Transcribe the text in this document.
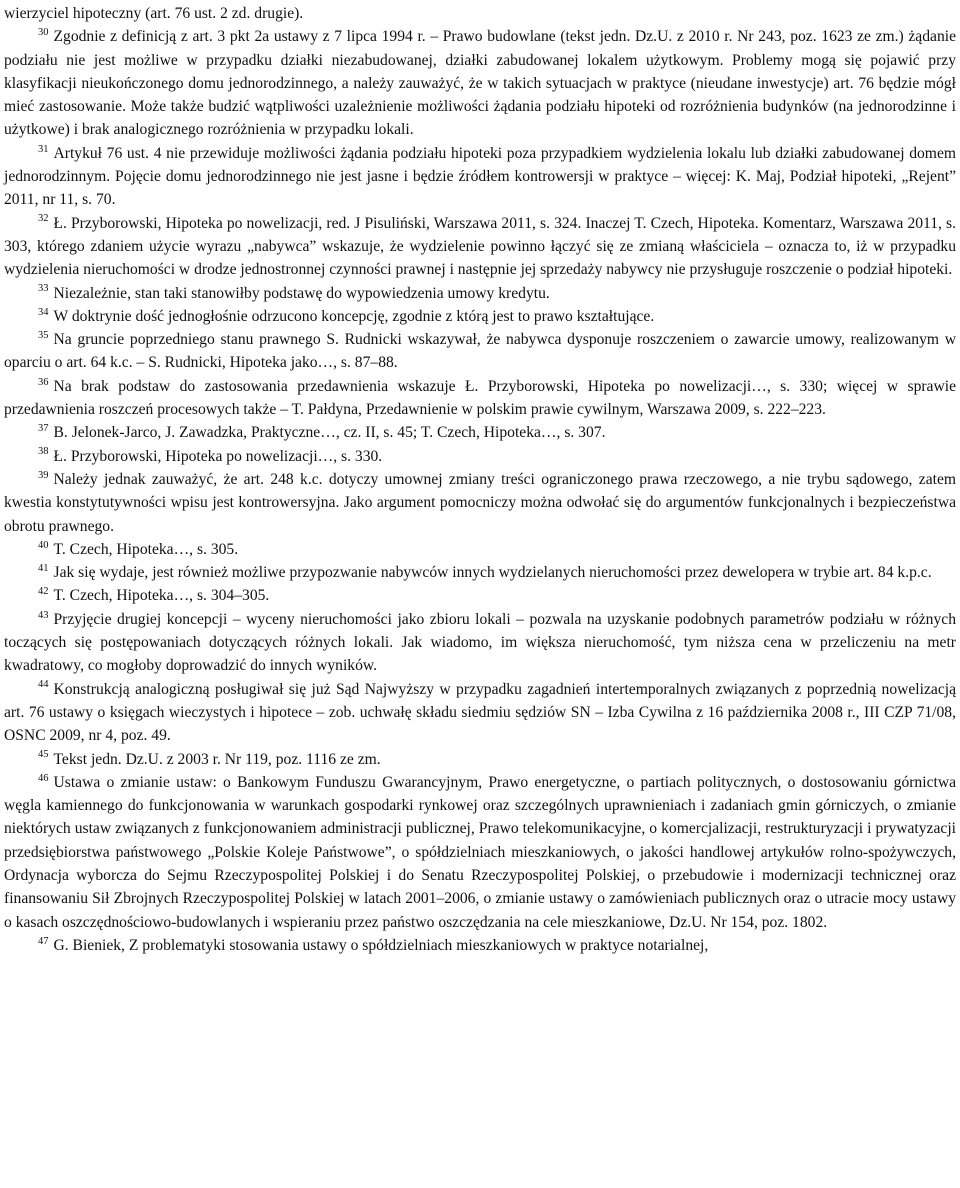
wierzyciel hipoteczny (art. 76 ust. 2 zd. drugie).

$^{30}$ Zgodnie z definicją z art. 3 pkt 2a ustawy z 7 lipca 1994 r. – Prawo budowlane (tekst jedn. Dz.U. z 2010 r. Nr 243, poz. 1623 ze zm.) żądanie podziału nie jest możliwe w przypadku działki niezabudowanej, działki zabudowanej lokalem użytkowym. Problemy mogą się pojawić przy klasyfikacji nieukończonego domu jednorodzinnego, a należy zauważyć, że w takich sytuacjach w praktyce (nieudane inwestycje) art. 76 będzie mógł mieć zastosowanie. Może także budzić wątpliwości uzależnienie możliwości żądania podziału hipoteki od rozróżnienia budynków (na jednorodzinne i użytkowe) i brak analogicznego rozróżnienia w przypadku lokali.

$^{31}$ Artykuł 76 ust. 4 nie przewiduje możliwości żądania podziału hipoteki poza przypadkiem wydzielenia lokalu lub działki zabudowanej domem jednorodzinnym. Pojęcie domu jednorodzinnego nie jest jasne i będzie źródłem kontrowersji w praktyce – więcej: K. Maj, Podział hipoteki, „Rejent” 2011, nr 11, s. 70.

$^{32}$ Ł. Przyborowski, Hipoteka po nowelizacji, red. J Pisuliński, Warszawa 2011, s. 324. Inaczej T. Czech, Hipoteka. Komentarz, Warszawa 2011, s. 303, którego zdaniem użycie wyrazu „nabywca” wskazuje, że wydzielenie powinno łączyć się ze zmianą właściciela – oznacza to, iż w przypadku wydzielenia nieruchomości w drodze jednostronnej czynności prawnej i następnie jej sprzedaży nabywcy nie przysługuje roszczenie o podział hipoteki.

$^{33}$ Niezależnie, stan taki stanowiłby podstawę do wypowiedzenia umowy kredytu.

$^{34}$ W doktrynie dość jednogłośnie odrzucono koncepcję, zgodnie z którą jest to prawo kształtujące.

$^{35}$ Na gruncie poprzedniego stanu prawnego S. Rudnicki wskazywał, że nabywca dysponuje roszczeniem o zawarcie umowy, realizowanym w oparciu o art. 64 k.c. – S. Rudnicki, Hipoteka jako…, s. 87–88.

$^{36}$ Na brak podstaw do zastosowania przedawnienia wskazuje Ł. Przyborowski, Hipoteka po nowelizacji…, s. 330; więcej w sprawie przedawnienia roszczeń procesowych także – T. Pałdyna, Przedawnienie w polskim prawie cywilnym, Warszawa 2009, s. 222–223.

$^{37}$ B. Jelonek-Jarco, J. Zawadzka, Praktyczne…, cz. II, s. 45; T. Czech, Hipoteka…, s. 307.

$^{38}$ Ł. Przyborowski, Hipoteka po nowelizacji…, s. 330.

$^{39}$ Należy jednak zauważyć, że art. 248 k.c. dotyczy umownej zmiany treści ograniczonego prawa rzeczowego, a nie trybu sądowego, zatem kwestia konstytutywności wpisu jest kontrowersyjna. Jako argument pomocniczy można odwołać się do argumentów funkcjonalnych i bezpieczeństwa obrotu prawnego.

$^{40}$ T. Czech, Hipoteka…, s. 305.

$^{41}$ Jak się wydaje, jest również możliwe przypozwanie nabywców innych wydzielanych nieruchomości przez dewelopera w trybie art. 84 k.p.c.

$^{42}$ T. Czech, Hipoteka…, s. 304–305.

$^{43}$ Przyjęcie drugiej koncepcji – wyceny nieruchomości jako zbioru lokali – pozwala na uzyskanie podobnych parametrów podziału w różnych toczących się postępowaniach dotyczących różnych lokali. Jak wiadomo, im większa nieruchomość, tym niższa cena w przeliczeniu na metr kwadratowy, co mogłoby doprowadzić do innych wyników.

$^{44}$ Konstrukcją analogiczną posługiwał się już Sąd Najwyższy w przypadku zagadnień intertemporalnych związanych z poprzednią nowelizacją art. 76 ustawy o księgach wieczystych i hipotece – zob. uchwałę składu siedmiu sędziów SN – Izba Cywilna z 16 października 2008 r., III CZP 71/08, OSNC 2009, nr 4, poz. 49.

$^{45}$ Tekst jedn. Dz.U. z 2003 r. Nr 119, poz. 1116 ze zm.

$^{46}$ Ustawa o zmianie ustaw: o Bankowym Funduszu Gwarancyjnym, Prawo energetyczne, o partiach politycznych, o dostosowaniu górnictwa węgla kamiennego do funkcjonowania w warunkach gospodarki rynkowej oraz szczególnych uprawnieniach i zadaniach gmin górniczych, o zmianie niektórych ustaw związanych z funkcjonowaniem administracji publicznej, Prawo telekomunikacyjne, o komercjalizacji, restrukturyzacji i prywatyzacji przedsiębiorstwa państwowego „Polskie Koleje Państwowe”, o spółdzielniach mieszkaniowych, o jakości handlowej artykułów rolno-spożywczych, Ordynacja wyborcza do Sejmu Rzeczypospolitej Polskiej i do Senatu Rzeczypospolitej Polskiej, o przebudowie i modernizacji technicznej oraz finansowaniu Sił Zbrojnych Rzeczypospolitej Polskiej w latach 2001–2006, o zmianie ustawy o zamówieniach publicznych oraz o utracie mocy ustawy o kasach oszczędnościowo-budowlanych i wspieraniu przez państwo oszczędzania na cele mieszkaniowe, Dz.U. Nr 154, poz. 1802.

$^{47}$ G. Bieniek, Z problematyki stosowania ustawy o spółdzielniach mieszkaniowych w praktyce notarialnej,
